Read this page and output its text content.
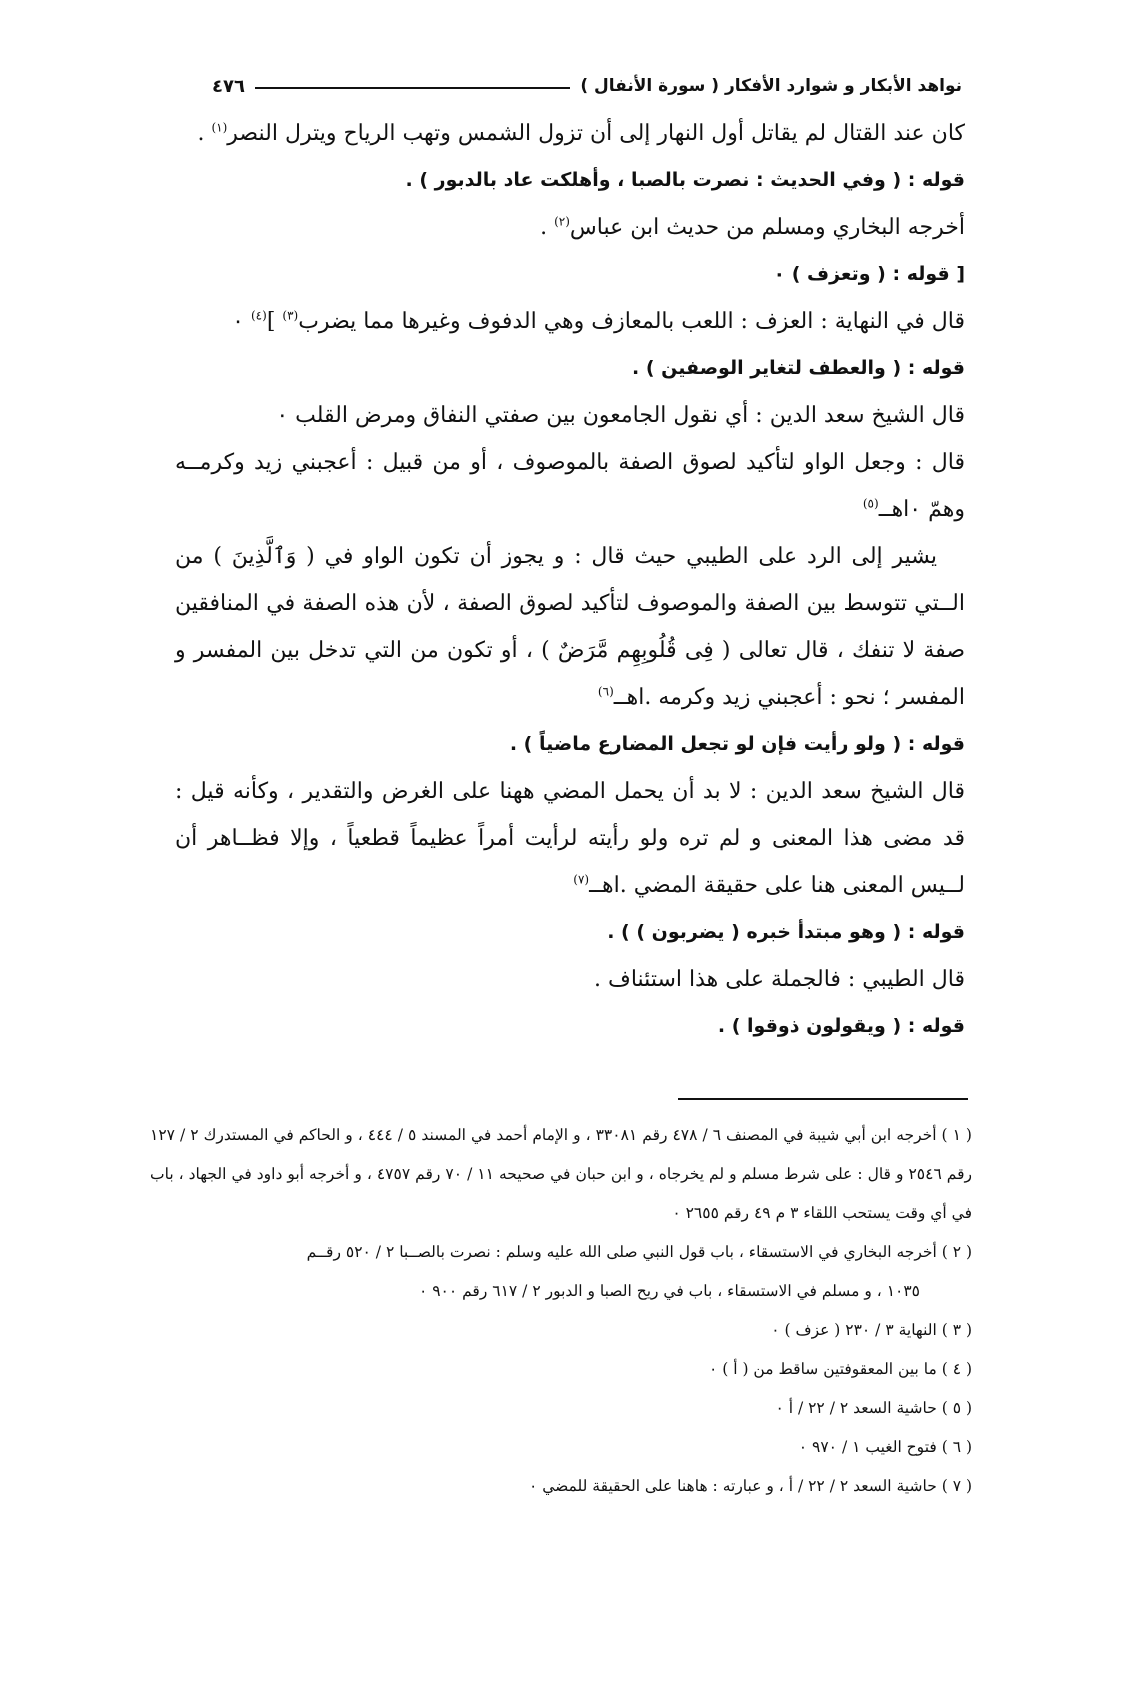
نواهد الأبكار و شوارد الأفكار ( سورة الأنفال )
٤٧٦

كان عند القتال لم يقاتل أول النهار إلى أن تزول الشمس وتهب الرياح ويترل النصر$^{(١)}$ .

قوله : ( وفي الحديث : نصرت بالصبا ، وأهلكت عاد بالدبور ) .

أخرجه البخاري ومسلم من حديث ابن عباس$^{(٢)}$ .

[ قوله : ( وتعزف ) ٠

قال في النهاية : العزف : اللعب بالمعازف وهي الدفوف وغيرها مما يضرب$^{(٣)}$ ]$^{(٤)}$ ٠

قوله : ( والعطف لتغاير الوصفين ) .

قال الشيخ سعد الدين : أي نقول الجامعون بين صفتي النفاق ومرض القلب ٠

قال : وجعل الواو لتأكيد لصوق الصفة بالموصوف ، أو من قبيل : أعجبني زيد وكرمــه وهمّ ٠اهــ$^{(٥)}$

يشير إلى الرد على الطيبي حيث قال : و يجوز أن تكون الواو في ( وَٱلَّذِينَ ) من الــتي تتوسط بين الصفة والموصوف لتأكيد لصوق الصفة ، لأن هذه الصفة في المنافقين صفة لا تنفك ، قال تعالى ( فِى قُلُوبِهِم مَّرَضٌ ) ، أو تكون من التي تدخل بين المفسر و المفسر ؛ نحو : أعجبني زيد وكرمه .اهــ$^{(٦)}$

قوله : ( ولو رأيت فإن لو تجعل المضارع ماضياً ) .

قال الشيخ سعد الدين : لا بد أن يحمل المضي ههنا على الغرض والتقدير ، وكأنه قيل : قد مضى هذا المعنى و لم تره ولو رأيته لرأيت أمراً عظيماً قطعياً ، وإلا فظــاهر أن لــيس المعنى هنا على حقيقة المضي .اهــ$^{(٧)}$

قوله : ( وهو مبتدأ خبره ( يضربون ) ) .

قال الطيبي : فالجملة على هذا استئناف .

قوله : ( ويقولون ذوقوا ) .

( ١ ) أخرجه ابن أبي شيبة في المصنف ٦ / ٤٧٨ رقم ٣٣٠٨١ ، و الإمام أحمد في المسند ٥ / ٤٤٤ ، و الحاكم في المستدرك ٢ / ١٢٧ رقم ٢٥٤٦ و قال : على شرط مسلم و لم يخرجاه ، و ابن حبان في صحيحه ١١ / ٧٠ رقم ٤٧٥٧ ، و أخرجه أبو داود في الجهاد ، باب في أي وقت يستحب اللقاء ٣ م ٤٩ رقم ٢٦٥٥ ٠

( ٢ ) أخرجه البخاري في الاستسقاء ، باب قول النبي صلى الله عليه وسلم : نصرت بالصــبا ٢ / ٥٢٠ رقــم

١٠٣٥ ، و مسلم في الاستسقاء ، باب في ريح الصبا و الدبور ٢ / ٦١٧ رقم ٩٠٠ ٠

( ٣ ) النهاية ٣ / ٢٣٠ ( عزف ) ٠

( ٤ ) ما بين المعقوفتين ساقط من ( أ ) ٠

( ٥ ) حاشية السعد ٢ / ٢٢ / أ ٠

( ٦ ) فتوح الغيب ١ / ٩٧٠ ٠

( ٧ ) حاشية السعد ٢ / ٢٢ / أ ، و عبارته : هاهنا على الحقيقة للمضي ٠
